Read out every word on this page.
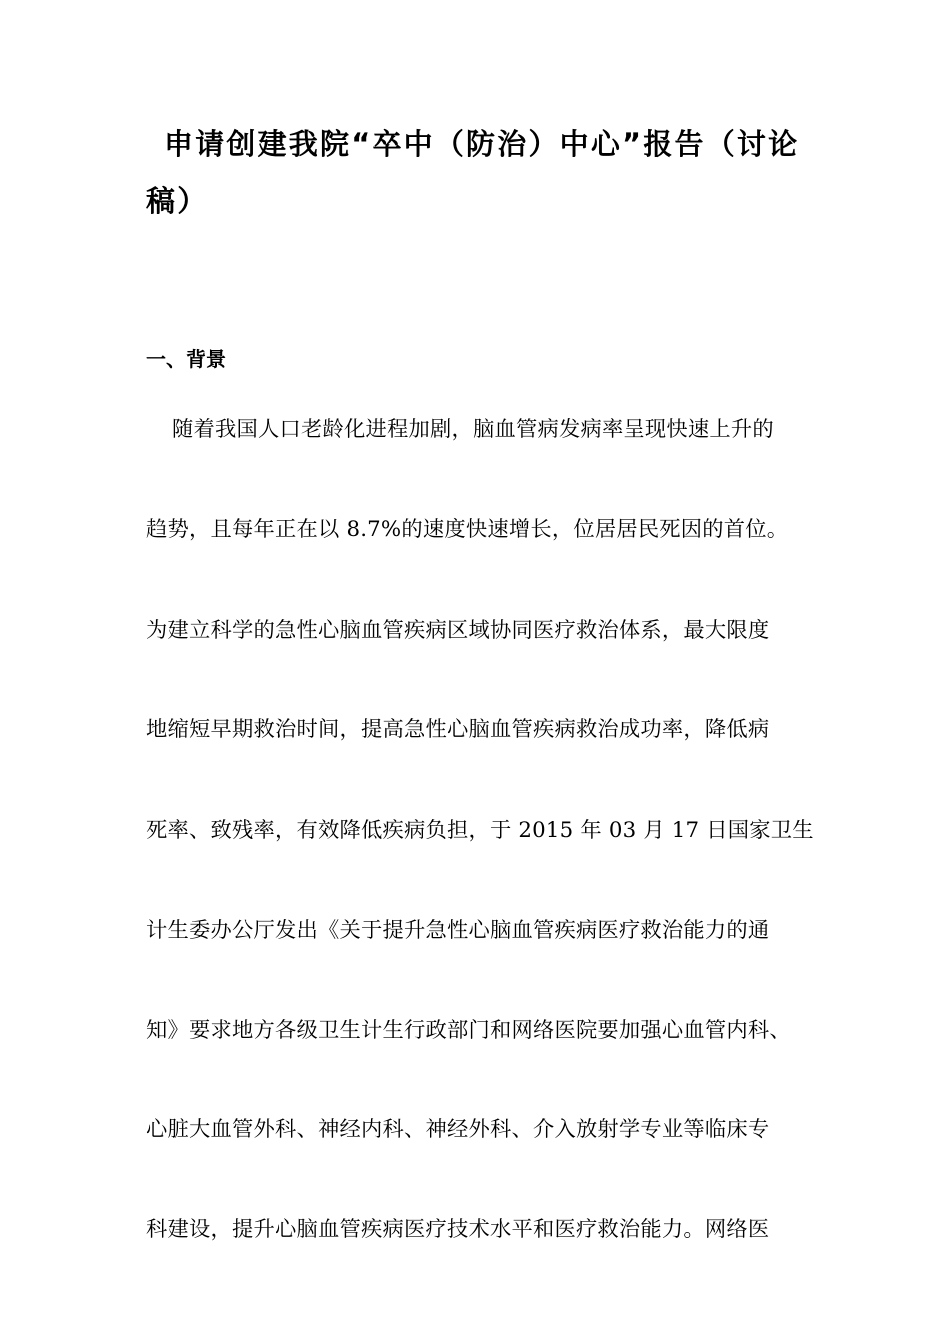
申请创建我院“卒中（防治）中心”报告（讨论
稿）
一、背景
随着我国人口老龄化进程加剧，脑血管病发病率呈现快速上升的
趋势，且每年正在以 8.7%的速度快速增长，位居居民死因的首位。
为建立科学的急性心脑血管疾病区域协同医疗救治体系，最大限度
地缩短早期救治时间，提高急性心脑血管疾病救治成功率，降低病
死率、致残率，有效降低疾病负担，于 2015 年 03 月 17 日国家卫生
计生委办公厅发出《关于提升急性心脑血管疾病医疗救治能力的通
知》要求地方各级卫生计生行政部门和网络医院要加强心血管内科、
心脏大血管外科、神经内科、神经外科、介入放射学专业等临床专
科建设，提升心脑血管疾病医疗技术水平和医疗救治能力。网络医
